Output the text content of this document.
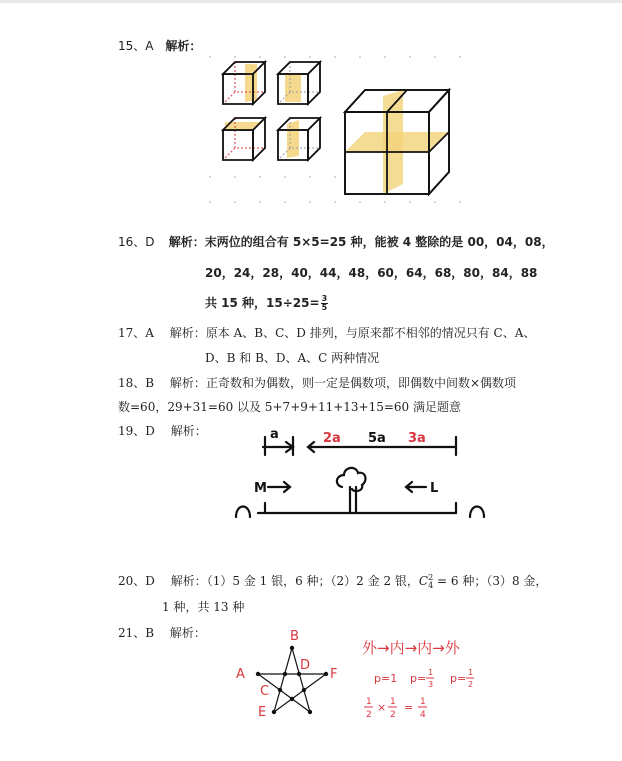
15、A 解析：
16、D 解析：末两位的组合有 5×5=25 种，能被 4 整除的是 00，04，08，
20，24，28，40，44，48，60，64，68，80，84，88
共 15 种，$15\div 25= \frac{3}{5}$
17、A 解析：原本 A、B、C、D 排列，与原来都不相邻的情况只有 C、A、
D、B 和 B、D、A、C 两种情况
18、B 解析：正奇数和为偶数，则一定是偶数项，即偶数中间数×偶数项
数=60，29+31=60 以及 5+7+9+11+13+15=60 满足题意
19、D 解析：	a	2a 5a 3a
M	L
20、D 解析：（1）5 金 1 银，6 种；（2）2 金 2 银，C 2
4 = 6 种；（3）8 金，
1 种，共 13 种
21、B 解析：
A
B
C
D
E
F
外→内→内→外
p=1 p= 1
3 p= 1
2
1
2
× 1
2
= 1
4
